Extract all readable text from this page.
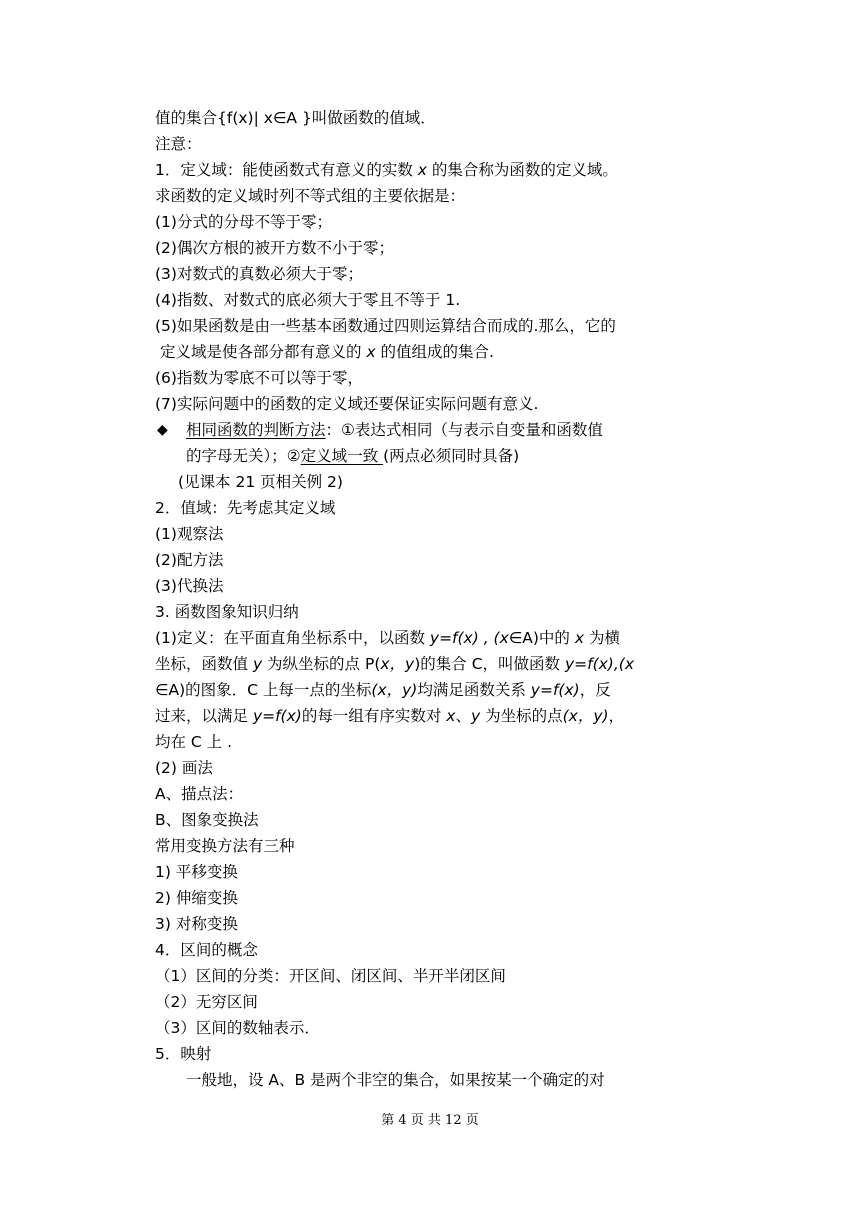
值的集合{f(x)| x∈A }叫做函数的值域．
注意：
1．定义域：能使函数式有意义的实数 x 的集合称为函数的定义域。
求函数的定义域时列不等式组的主要依据是：
(1)分式的分母不等于零；
(2)偶次方根的被开方数不小于零；
(3)对数式的真数必须大于零；
(4)指数、对数式的底必须大于零且不等于 1.
(5)如果函数是由一些基本函数通过四则运算结合而成的.那么，它的
定义域是使各部分都有意义的 x 的值组成的集合.
(6)指数为零底不可以等于零，
(7)实际问题中的函数的定义域还要保证实际问题有意义.
◆ 相同函数的判断方法：①表达式相同（与表示自变量和函数值
的字母无关）；②定义域一致 (两点必须同时具备)
(见课本 21 页相关例 2)
2．值域：先考虑其定义域
(1)观察法
(2)配方法
(3)代换法
3. 函数图象知识归纳
(1)定义：在平面直角坐标系中，以函数 y=f(x) , (x∈A)中的 x 为横
坐标，函数值 y 为纵坐标的点 P(x，y)的集合 C，叫做函数 y=f(x),(x
∈A)的图象．C 上每一点的坐标(x，y)均满足函数关系 y=f(x)，反
过来，以满足 y=f(x)的每一组有序实数对 x、y 为坐标的点(x，y)，
均在 C 上 .
(2) 画法
A、描点法：
B、图象变换法
常用变换方法有三种
1) 平移变换
2) 伸缩变换
3) 对称变换
4．区间的概念
（1）区间的分类：开区间、闭区间、半开半闭区间
（2）无穷区间
（3）区间的数轴表示．
5．映射
一般地，设 A、B 是两个非空的集合，如果按某一个确定的对
第 4 页 共 12 页
